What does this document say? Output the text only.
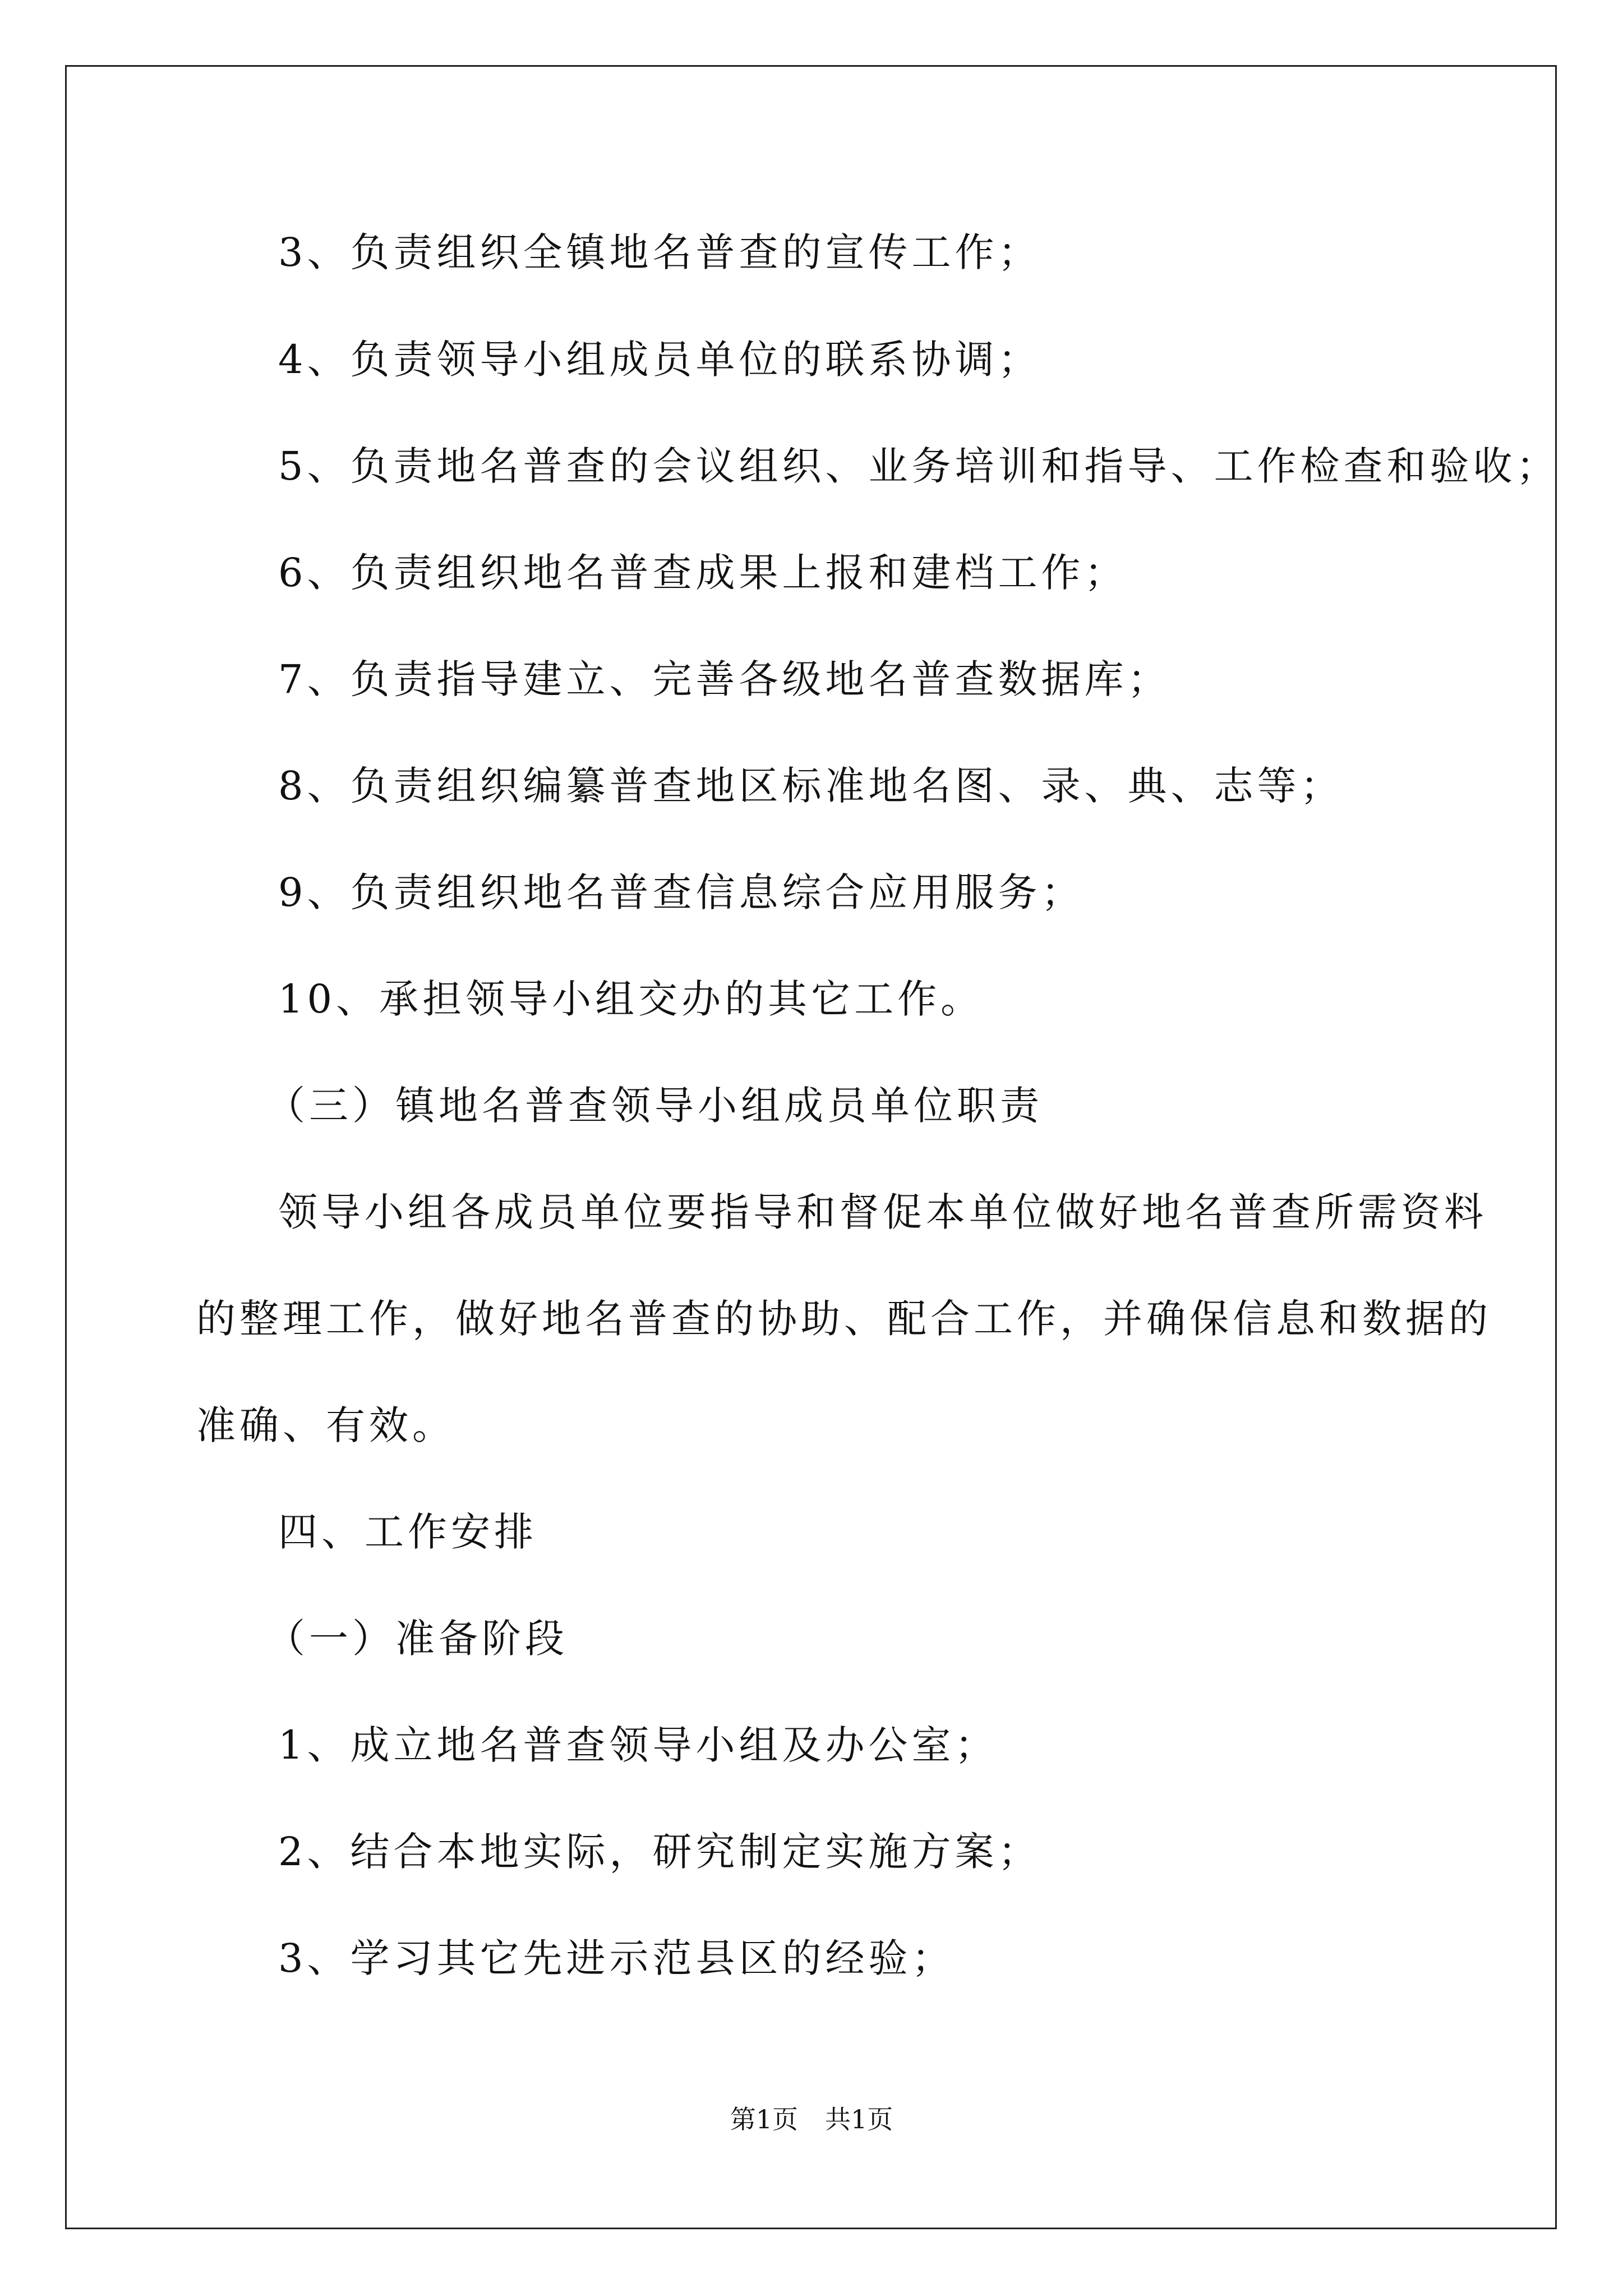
3、负责组织全镇地名普查的宣传工作；
4、负责领导小组成员单位的联系协调；
5、负责地名普查的会议组织、业务培训和指导、工作检查和验收；
6、负责组织地名普查成果上报和建档工作；
7、负责指导建立、完善各级地名普查数据库；
8、负责组织编纂普查地区标准地名图、录、典、志等；
9、负责组织地名普查信息综合应用服务；
10、承担领导小组交办的其它工作。
（三）镇地名普查领导小组成员单位职责
领导小组各成员单位要指导和督促本单位做好地名普查所需资料
的整理工作，做好地名普查的协助、配合工作，并确保信息和数据的
准确、有效。
四、工作安排
（一）准备阶段
1、成立地名普查领导小组及办公室；
2、结合本地实际，研究制定实施方案；
3、学习其它先进示范县区的经验；
第1页 共1页
